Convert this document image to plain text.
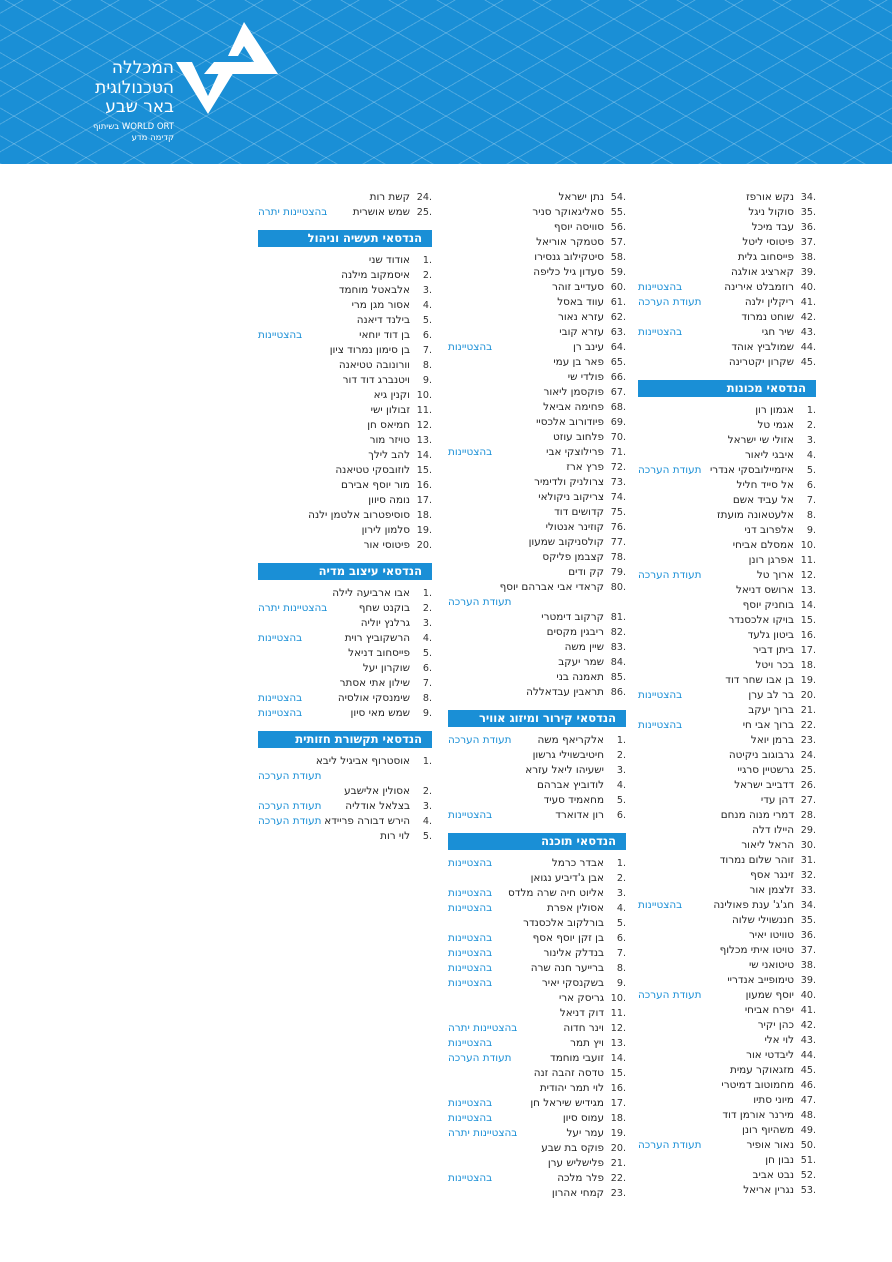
המכללה
הטכנולוגית
באר שבע
בשיתוף WORLD ORT
קדימה מדע
34.
נקש אורפז
35.
סוקול ניגל
36.
עבד מיכל
37.
פיטוסי ליטל
38.
פייסחוב גלית
39.
קארציג אולגה
40.
רוזמבלט אירינה
בהצטיינות
41.
ריקלין ילנה
תעודת הערכה
42.
שוחט נמרוד
43.
שיר חגי
בהצטיינות
44.
שמולביץ אוהד
45.
שקרון יקטרינה
הנדסאי מכונות
1.
אגמון רון
2.
אגמי טל
3.
אזולי שי ישראל
4.
איבגי ליאור
5.
איזמיילובסקי אנדרי
תעודת הערכה
6.
אל סייד חליל
7.
אל עביד אשם
8.
אלעטאונה מועתז
9.
אלפרוב דני
10.
אמסלם אביחי
11.
אפרגן רונן
12.
ארוך טל
תעודת הערכה
13.
ארושס דניאל
14.
בוחניק יוסף
15.
בויקו אלכסנדר
16.
ביטון גלעד
17.
ביתן דביר
18.
בכר ויטל
19.
בן אבו שחר דוד
20.
בר לב ערן
בהצטיינות
21.
ברוך יעקב
22.
ברוך אבי חי
בהצטיינות
23.
ברמן יואל
24.
גרבוגוב ניקיטה
25.
גרשטיין סרגיי
26.
דדבייב ישראל
27.
דהן עדי
28.
דמרי מנוה מנחם
29.
היילו דלה
30.
הראל ליאור
31.
זוהר שלום נמרוד
32.
זינגר אסף
33.
זלצמן אור
34.
חג'ג' ענת פאולינה
בהצטיינות
35.
חננשוילי שלוה
36.
טוויטו יאיר
37.
טויטו איתי מכלוף
38.
טיטואני שי
39.
טימופייב אנדריי
40.
יוסף שמעון
תעודת הערכה
41.
יפרח אביחי
42.
כהן יקיר
43.
לוי אלי
44.
ליבדטי אור
45.
מזגאוקר עמית
46.
מחמוטוב דמיטרי
47.
מיוני סתיו
48.
מירנר אורמן דוד
49.
משהיוף רונן
50.
נאור אופיר
תעודת הערכה
51.
נבון חן
52.
נבט אביב
53.
נגרין אריאל
54.
נתן ישראל
55.
סאליגאוקר סניר
56.
סוויסה יוסף
57.
סטמקר אוריאל
58.
סיטקילוב גנסירו
59.
סעדון גיל כליפה
60.
סעדייב זוהר
61.
עווד באסל
62.
עזרא נאור
63.
עזרא קובי
64.
עינב רן
בהצטיינות
65.
פאר בן עמי
66.
פולדי שי
67.
פוקסמן ליאור
68.
פחימה אביאל
69.
פיודורוב אלכסיי
70.
פלחוב עוזט
71.
פרילוצקי אבי
בהצטיינות
72.
פרץ ארז
73.
צרולניק ולדימיר
74.
צריקוב ניקולאי
75.
קדושים דוד
76.
קוזינר אנטולי
77.
קולסניקוב שמעון
78.
קצבמן פליקס
79.
קק ודים
80.
קראדי אבי אברהם יוסף
תעודת הערכה
81.
קרקוב דימטרי
82.
ריבגין מקסים
83.
שיין משה
84.
שמר יעקב
85.
תאמנה בני
86.
תראבין עבדאללה
הנדסאי קירור ומיזוג אוויר
1.
אלקריאף משה
תעודת הערכה
2.
חיטיבשוילי גרשון
3.
ישעיהו ליאל עזרא
4.
לודוביץ אברהם
5.
מחאמיד סעיד
6.
רון אדוארד
בהצטיינות
הנדסאי תוכנה
1.
אבדר כרמל
בהצטיינות
2.
אבן ג'דיביע נגואן
3.
אליוט חיה שרה מלדס
בהצטיינות
4.
אסולין אפרת
בהצטיינות
5.
בורלקוב אלכסנדר
6.
בן זקן יוסף אסף
בהצטיינות
7.
בנדלק אלינור
בהצטיינות
8.
ברייער חנה שרה
בהצטיינות
9.
בשקנסקי יאיר
בהצטיינות
10.
גריסק ארי
11.
דוק דניאל
12.
וינר חדוה
בהצטיינות יתרה
13.
ויץ תמר
בהצטיינות
14.
זועבי מוחמד
תעודת הערכה
15.
טדסה זהבה זנה
16.
לוי תמר יהודית
17.
מגידיש שיראל חן
בהצטיינות
18.
עמוס סיון
בהצטיינות
19.
עמר יעל
בהצטיינות יתרה
20.
פוקס בת שבע
21.
פלישליש ערן
22.
פלר מלכה
בהצטיינות
23.
קמחי אהרון
24.
קשת רות
25.
שמש אושרית
בהצטיינות יתרה
הנדסאי תעשיה וניהול
1.
אודוד שני
2.
איסמקוב מילנה
3.
אלבאטל מוחמד
4.
אסור מגן מרי
5.
בילנד דיאנה
6.
בן דוד יוחאי
בהצטיינות
7.
בן סימון נמרוד ציון
8.
וורונובה טטיאנה
9.
ויטנברג דוד דור
10.
וקנין גיא
11.
זבולון ישי
12.
חמיאס חן
13.
טויזר מור
14.
להב לילך
15.
לוזובסקי טטיאנה
16.
מור יוסף אבירם
17.
נומה סיוון
18.
סוסיפטרוב אלטמן ילנה
19.
סלמון לירון
20.
פיטוסי אור
הנדסאי עיצוב מדיה
1.
אבו ארביעה לילה
2.
בוקנט שחף
בהצטיינות יתרה
3.
גרלנץ יוליה
4.
הרשקוביץ רוית
בהצטיינות
5.
פייסחוב דניאל
6.
שוקרון יעל
7.
שילון אתי אסתר
8.
שימנסקי אולסיה
בהצטיינות
9.
שמש מאי סיון
בהצטיינות
הנדסאי תקשורת חזותית
1.
אוסטרוף אביגיל ליבא
תעודת הערכה
2.
אסולין אלישבע
3.
בצלאל אודליה
תעודת הערכה
4.
הירש דבורה פריידא
תעודת הערכה
5.
לוי רות
